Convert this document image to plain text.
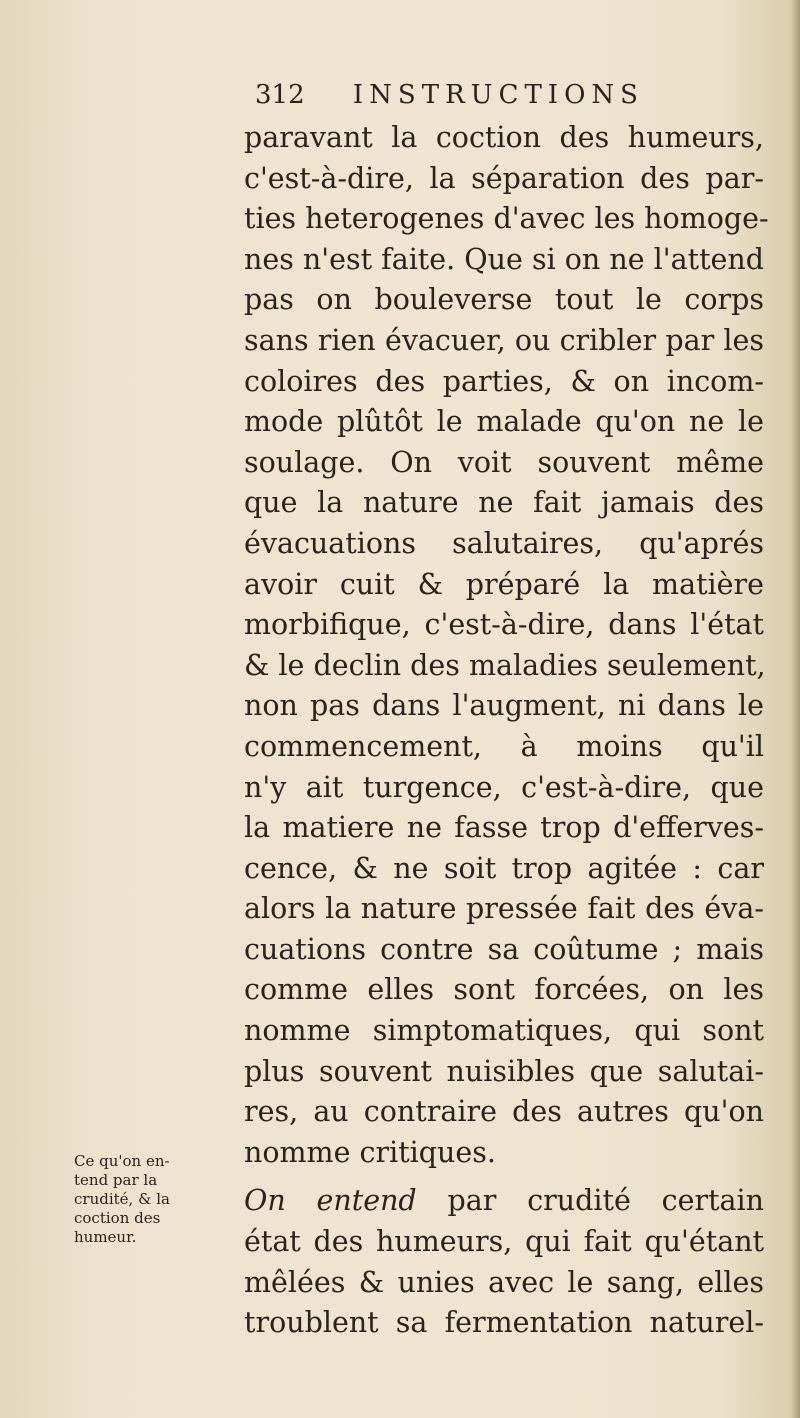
312 INSTRUCTIONS
paravant la coction des humeurs,
c'est-à-dire, la séparation des par-
ties heterogenes d'avec les homoge-
nes n'est faite. Que si on ne l'attend
pas on bouleverse tout le corps
sans rien évacuer, ou cribler par les
coloires des parties, & on incom-
mode plûtôt le malade qu'on ne le
soulage. On voit souvent même
que la nature ne fait jamais des
évacuations salutaires, qu'aprés
avoir cuit & préparé la matière
morbifique, c'est-à-dire, dans l'état
& le declin des maladies seulement,
non pas dans l'augment, ni dans le
commencement, à moins qu'il
n'y ait turgence, c'est-à-dire, que
la matiere ne fasse trop d'efferves-
cence, & ne soit trop agitée : car
alors la nature pressée fait des éva-
cuations contre sa coûtume ; mais
comme elles sont forcées, on les
nomme simptomatiques, qui sont
plus souvent nuisibles que salutai-
res, au contraire des autres qu'on
nomme critiques.
On entend par crudité certain
état des humeurs, qui fait qu'étant
mêlées & unies avec le sang, elles
troublent sa fermentation naturel-
Ce qu'on en-
tend par la
crudité, & la
coction des
humeur.
